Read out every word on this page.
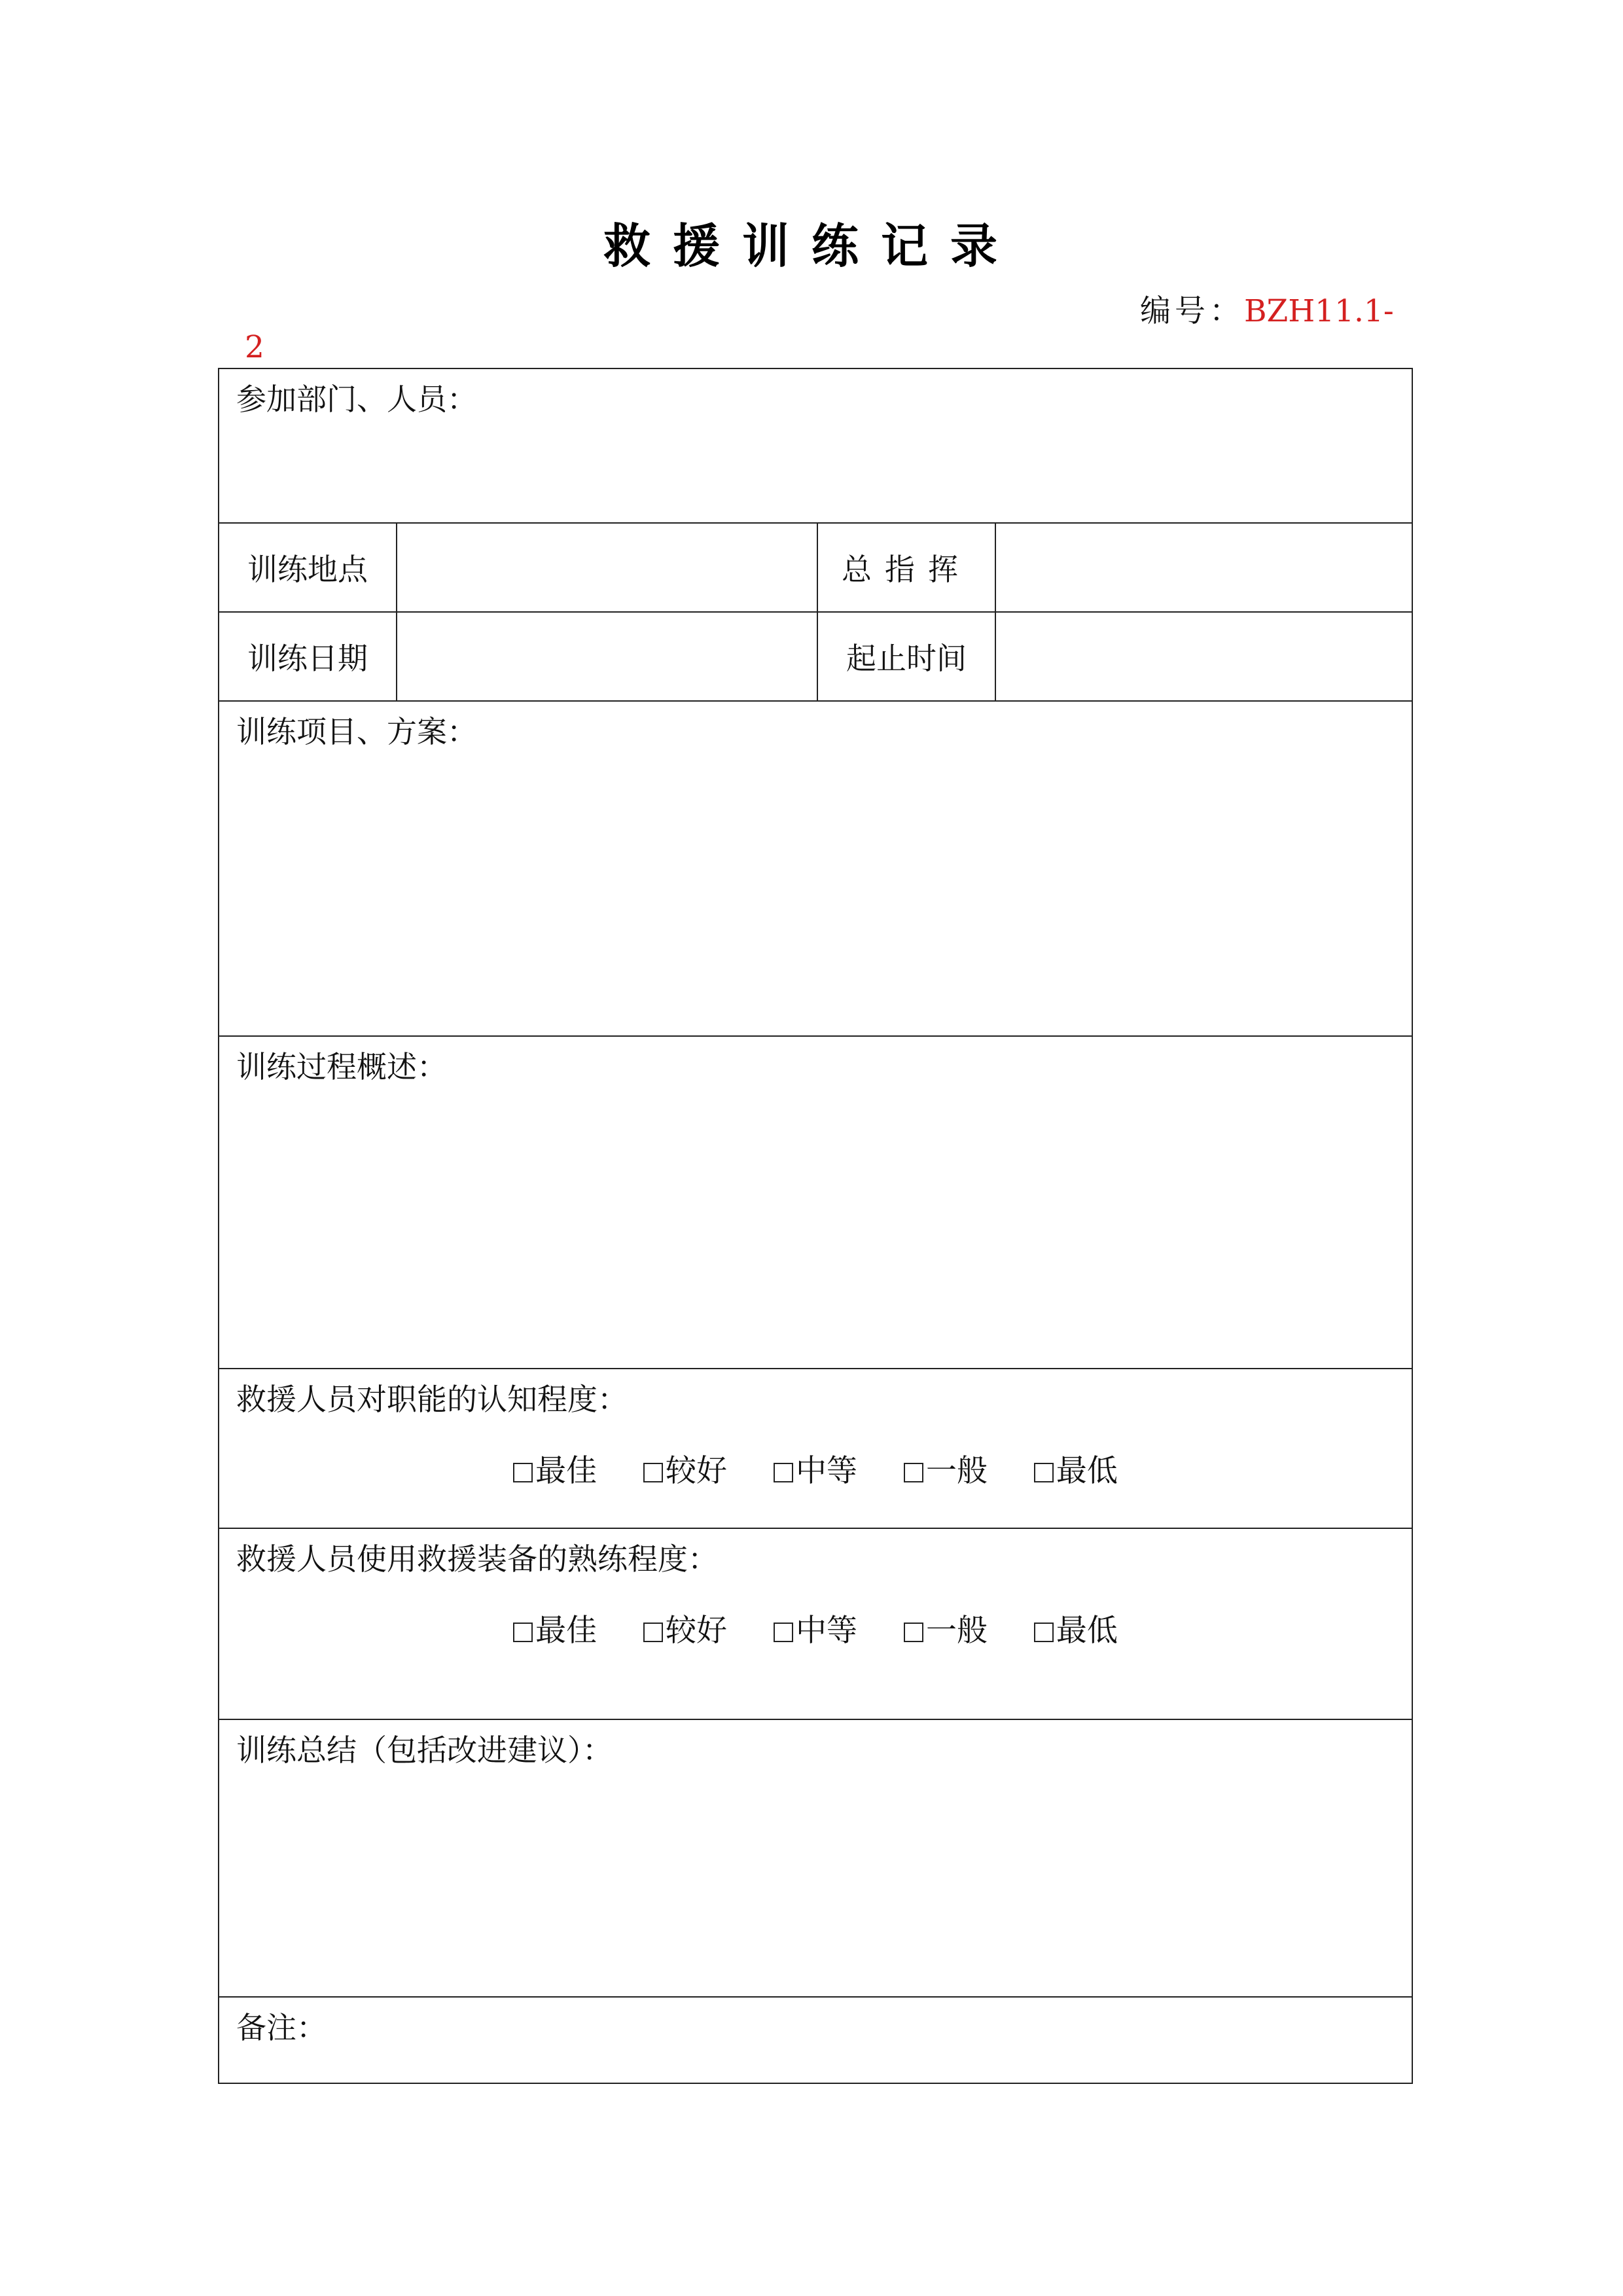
救援训练记录
编号：BZH11.1-
2
参加部门、人员：			
训练地点		总指挥	
训练日期		起止时间	
训练项目、方案：			
训练过程概述：			

救援人员对职能的认知程度：
最佳 较好 中等 一般 最低			

救援人员使用救援装备的熟练程度：
最佳 较好 中等 一般 最低			

训练总结（包括改进建议）：			
备注：			
